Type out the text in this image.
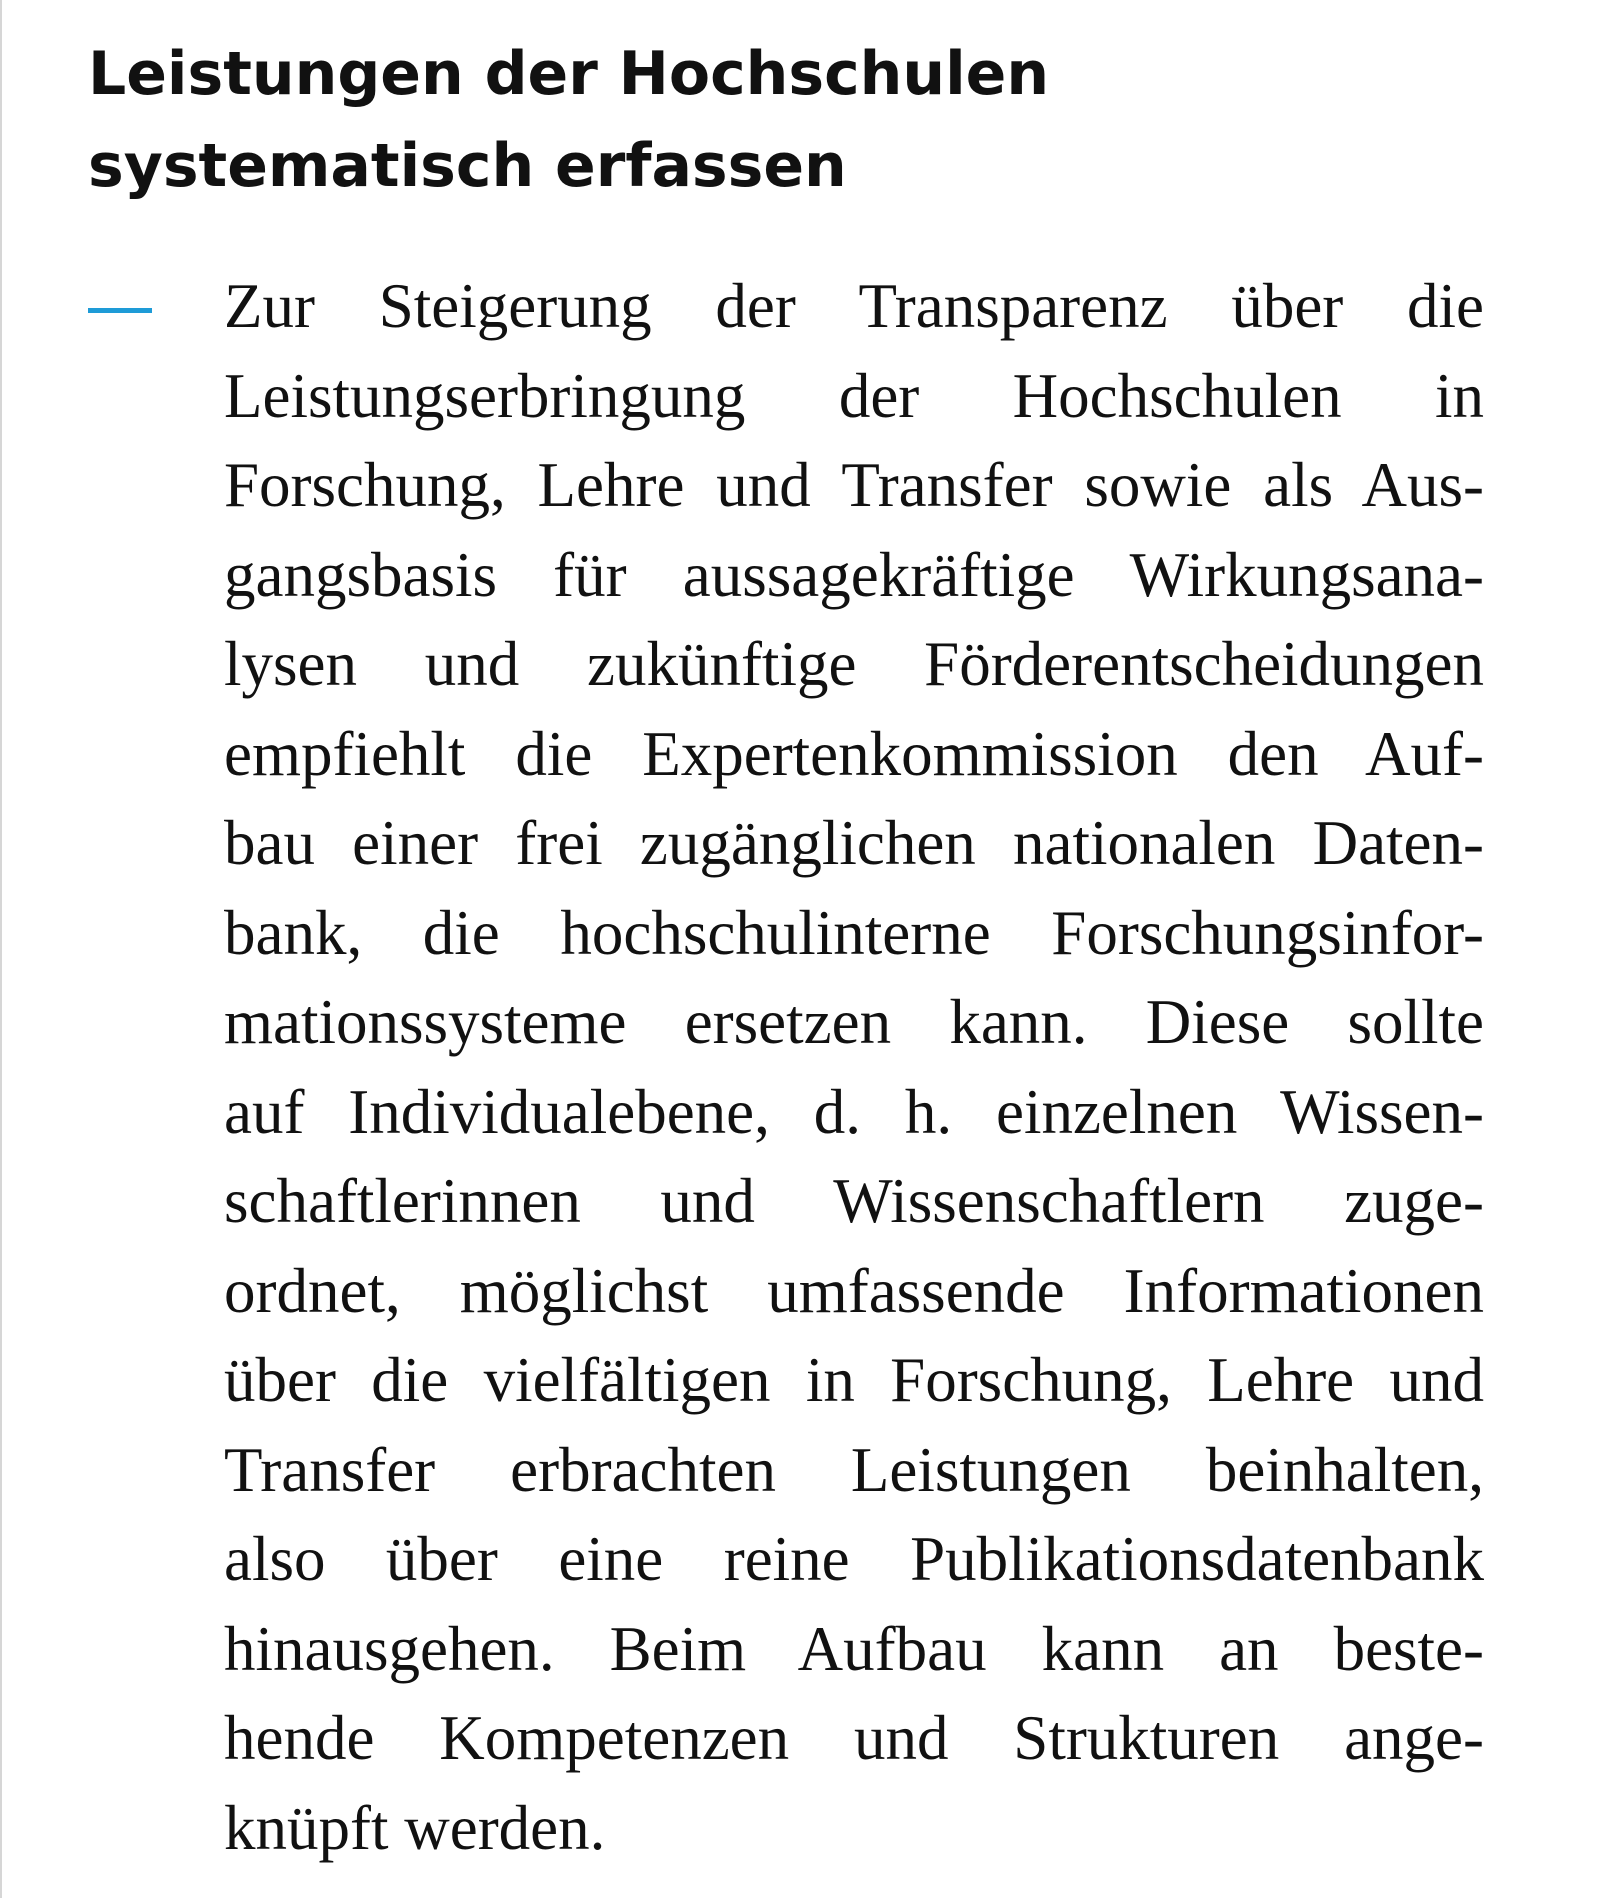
Leistungen der Hochschulen
systematisch erfassen
Zur Steigerung der Transparenz über die
Leistungserbringung der Hochschulen in
Forschung, Lehre und Transfer sowie als Aus-
gangsbasis für aussagekräftige Wirkungsana-
lysen und zukünftige Förderentscheidungen
empfiehlt die Expertenkommission den Auf-
bau einer frei zugänglichen nationalen Daten-
bank, die hochschulinterne Forschungsinfor-
mationssysteme ersetzen kann. Diese sollte
auf Individualebene, d. h. einzelnen Wissen-
schaftlerinnen und Wissenschaftlern zuge-
ordnet, möglichst umfassende Informationen
über die vielfältigen in Forschung, Lehre und
Transfer erbrachten Leistungen beinhalten,
also über eine reine Publikationsdatenbank
hinausgehen. Beim Aufbau kann an beste-
hende Kompetenzen und Strukturen ange-
knüpft werden.
